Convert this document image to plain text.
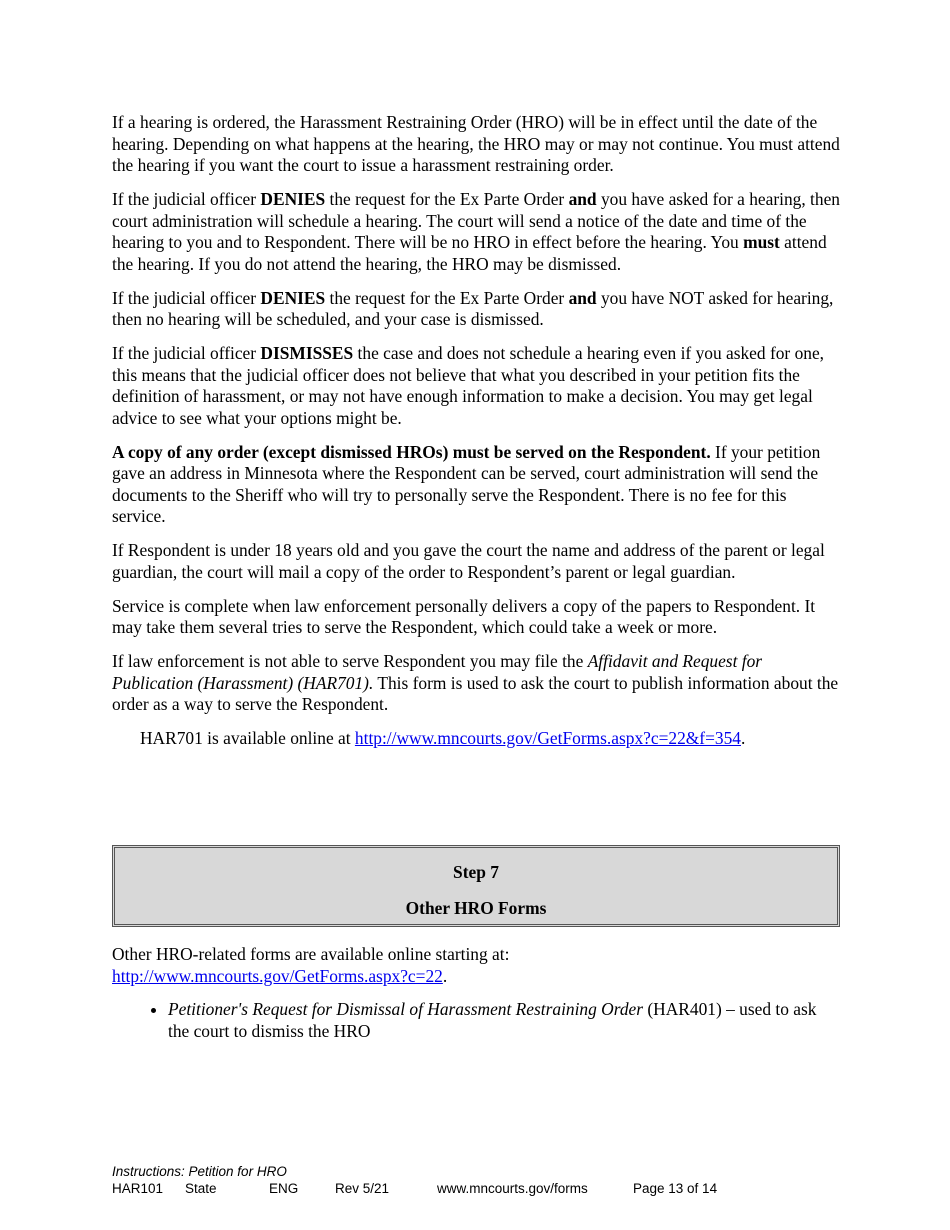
If a hearing is ordered, the Harassment Restraining Order (HRO) will be in effect until the date of the hearing. Depending on what happens at the hearing, the HRO may or may not continue. You must attend the hearing if you want the court to issue a harassment restraining order.

If the judicial officer DENIES the request for the Ex Parte Order and you have asked for a hearing, then court administration will schedule a hearing. The court will send a notice of the date and time of the hearing to you and to Respondent. There will be no HRO in effect before the hearing. You must attend the hearing. If you do not attend the hearing, the HRO may be dismissed.

If the judicial officer DENIES the request for the Ex Parte Order and you have NOT asked for hearing, then no hearing will be scheduled, and your case is dismissed.

If the judicial officer DISMISSES the case and does not schedule a hearing even if you asked for one, this means that the judicial officer does not believe that what you described in your petition fits the definition of harassment, or may not have enough information to make a decision. You may get legal advice to see what your options might be.

A copy of any order (except dismissed HROs) must be served on the Respondent. If your petition gave an address in Minnesota where the Respondent can be served, court administration will send the documents to the Sheriff who will try to personally serve the Respondent. There is no fee for this service.

If Respondent is under 18 years old and you gave the court the name and address of the parent or legal guardian, the court will mail a copy of the order to Respondent’s parent or legal guardian.

Service is complete when law enforcement personally delivers a copy of the papers to Respondent. It may take them several tries to serve the Respondent, which could take a week or more.

If law enforcement is not able to serve Respondent you may file the Affidavit and Request for Publication (Harassment) (HAR701). This form is used to ask the court to publish information about the order as a way to serve the Respondent.

HAR701 is available online at http://www.mncourts.gov/GetForms.aspx?c=22&f=354.

Step 7
Other HRO Forms
Other HRO-related forms are available online starting at:
http://www.mncourts.gov/GetForms.aspx?c=22.
• Petitioner's Request for Dismissal of Harassment Restraining Order (HAR401) – used to ask the court to dismiss the HRO
Instructions: Petition for HRO
HAR101 State	ENG	Rev 5/21	www.mncourts.gov/forms	Page 13 of 14
